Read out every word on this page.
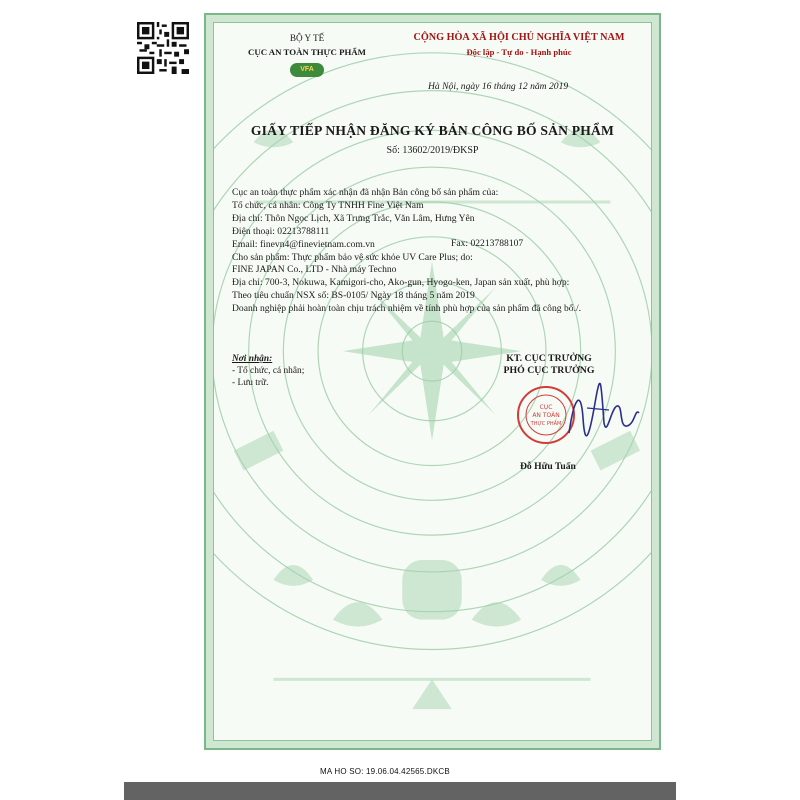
BỘ Y TẾ
CỤC AN TOÀN THỰC PHẨM
VFA
CỘNG HÒA XÃ HỘI CHỦ NGHĨA VIỆT NAM
Độc lập - Tự do - Hạnh phúc
Hà Nội, ngày 16 tháng 12 năm 2019
GIẤY TIẾP NHẬN ĐĂNG KÝ BẢN CÔNG BỐ SẢN PHẨM
Số: 13602/2019/ĐKSP
Cục an toàn thực phẩm xác nhận đã nhận Bản công bố sản phẩm của:
Tổ chức, cá nhân: Công Ty TNHH Fine Việt Nam
Địa chỉ: Thôn Ngọc Lịch, Xã Trưng Trắc, Văn Lâm, Hưng Yên
Điện thoại: 02213788111
Email: finevn4@finevietnam.com.vn
Cho sản phẩm: Thực phẩm bảo vệ sức khỏe UV Care Plus; do:
FINE JAPAN Co., LTD - Nhà máy Techno
Địa chỉ: 700-3, Nokuwa, Kamigori-cho, Ako-gun, Hyogo-ken, Japan sản xuất, phù hợp:
Theo tiêu chuẩn NSX số: BS-0105/ Ngày 18 tháng 5 năm 2019
Doanh nghiệp phải hoàn toàn chịu trách nhiệm về tính phù hợp của sản phẩm đã công bố./.
Fax: 02213788107
Nơi nhận:
- Tổ chức, cá nhân;
- Lưu trữ.
KT. CỤC TRƯỞNG
PHÓ CỤC TRƯỞNG
CỤC
AN TOÀN
THỰC PHẨM
Đỗ Hữu Tuấn
MA HO SO: 19.06.04.42565.DKCB
